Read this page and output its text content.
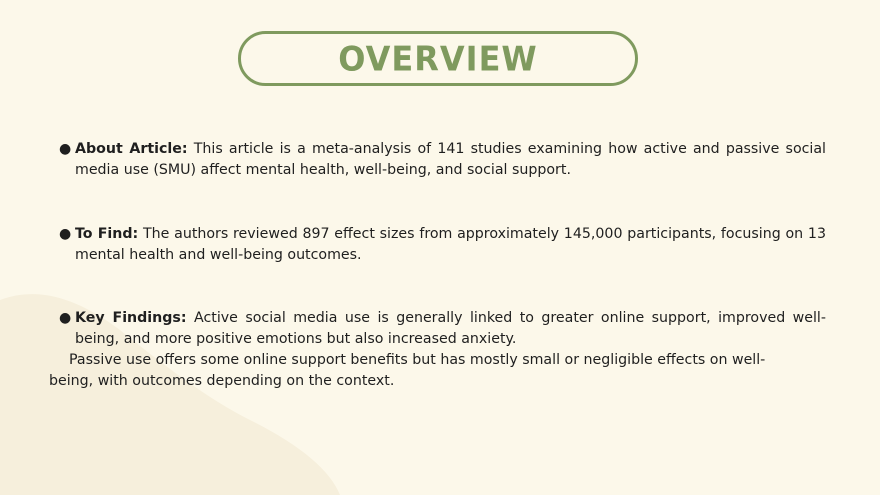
OVERVIEW
● About Article: This article is a meta-analysis of 141 studies examining how active and passive social media use (SMU) affect mental health, well-being, and social support.
● To Find: The authors reviewed 897 effect sizes from approximately 145,000 participants, focusing on 13 mental health and well-being outcomes.
● Key Findings: Active social media use is generally linked to greater online support, improved well-being, and more positive emotions but also increased anxiety.
Passive use offers some online support benefits but has mostly small or negligible effects on well-being, with outcomes depending on the context.
